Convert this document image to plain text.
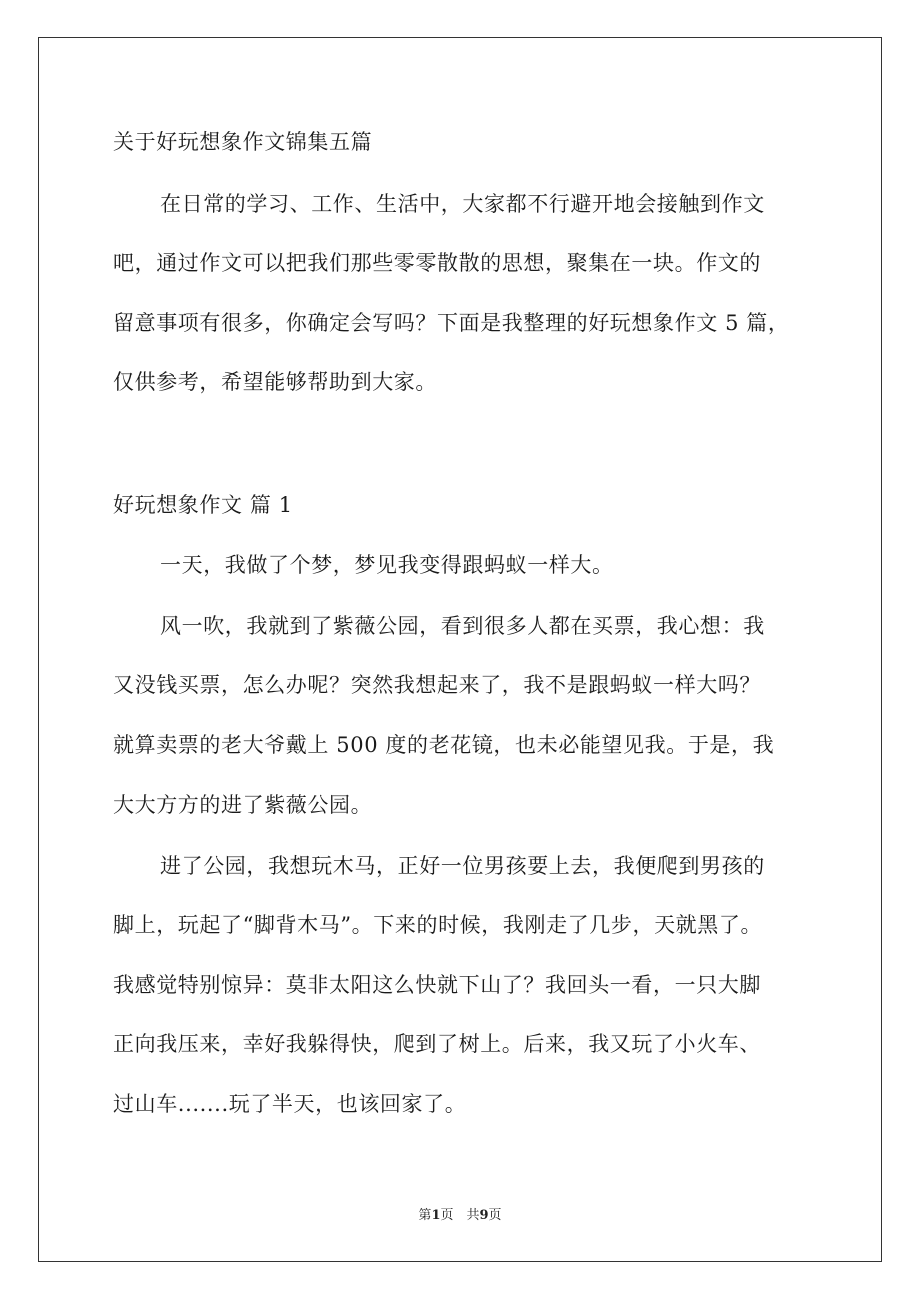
关于好玩想象作文锦集五篇
在日常的学习、工作、生活中，大家都不行避开地会接触到作文
吧，通过作文可以把我们那些零零散散的思想，聚集在一块。作文的
留意事项有很多，你确定会写吗？下面是我整理的好玩想象作文 5 篇，
仅供参考，希望能够帮助到大家。
好玩想象作文 篇 1
一天，我做了个梦，梦见我变得跟蚂蚁一样大。
风一吹，我就到了紫薇公园，看到很多人都在买票，我心想：我
又没钱买票，怎么办呢？突然我想起来了，我不是跟蚂蚁一样大吗？
就算卖票的老大爷戴上 500 度的老花镜，也未必能望见我。于是，我
大大方方的进了紫薇公园。
进了公园，我想玩木马，正好一位男孩要上去，我便爬到男孩的
脚上，玩起了“脚背木马”。下来的时候，我刚走了几步，天就黑了。
我感觉特别惊异：莫非太阳这么快就下山了？我回头一看，一只大脚
正向我压来，幸好我躲得快，爬到了树上。后来，我又玩了小火车、
过山车.......玩了半天，也该回家了。
第1页　共9页
